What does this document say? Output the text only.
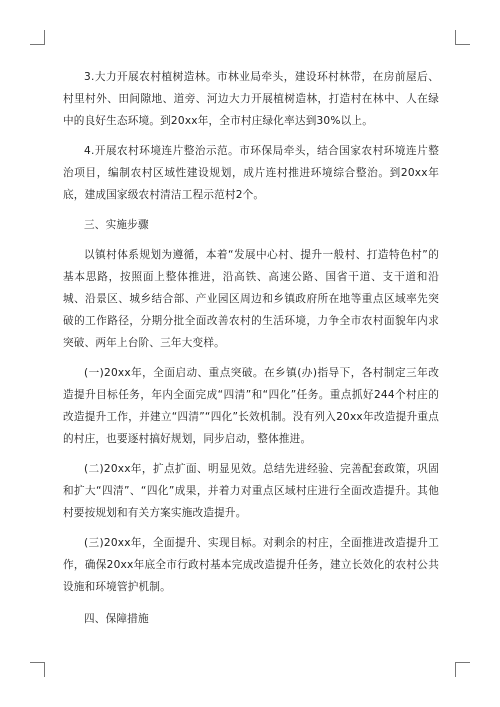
3.大力开展农村植树造林。市林业局牵头，建设环村林带，在房前屋后、村里村外、田间隙地、道旁、河边大力开展植树造林，打造村在林中、人在绿中的良好生态环境。到20xx年，全市村庄绿化率达到30%以上。

4.开展农村环境连片整治示范。市环保局牵头，结合国家农村环境连片整治项目，编制农村区域性建设规划，成片连村推进环境综合整治。到20xx年底，建成国家级农村清洁工程示范村2个。

三、实施步骤

以镇村体系规划为遵循，本着“发展中心村、提升一般村、打造特色村”的基本思路，按照面上整体推进，沿高铁、高速公路、国省干道、支干道和沿城、沿景区、城乡结合部、产业园区周边和乡镇政府所在地等重点区域率先突破的工作路径，分期分批全面改善农村的生活环境，力争全市农村面貌年内求突破、两年上台阶、三年大变样。

(一)20xx年，全面启动、重点突破。在乡镇(办)指导下，各村制定三年改造提升目标任务，年内全面完成“四清”和“四化”任务。重点抓好244个村庄的改造提升工作，并建立“四清”“四化”长效机制。没有列入20xx年改造提升重点的村庄，也要逐村搞好规划，同步启动，整体推进。

(二)20xx年，扩点扩面、明显见效。总结先进经验、完善配套政策，巩固和扩大“四清”、“四化”成果，并着力对重点区域村庄进行全面改造提升。其他村要按规划和有关方案实施改造提升。

(三)20xx年，全面提升、实现目标。对剩余的村庄，全面推进改造提升工作，确保20xx年底全市行政村基本完成改造提升任务，建立长效化的农村公共设施和环境管护机制。

四、保障措施
